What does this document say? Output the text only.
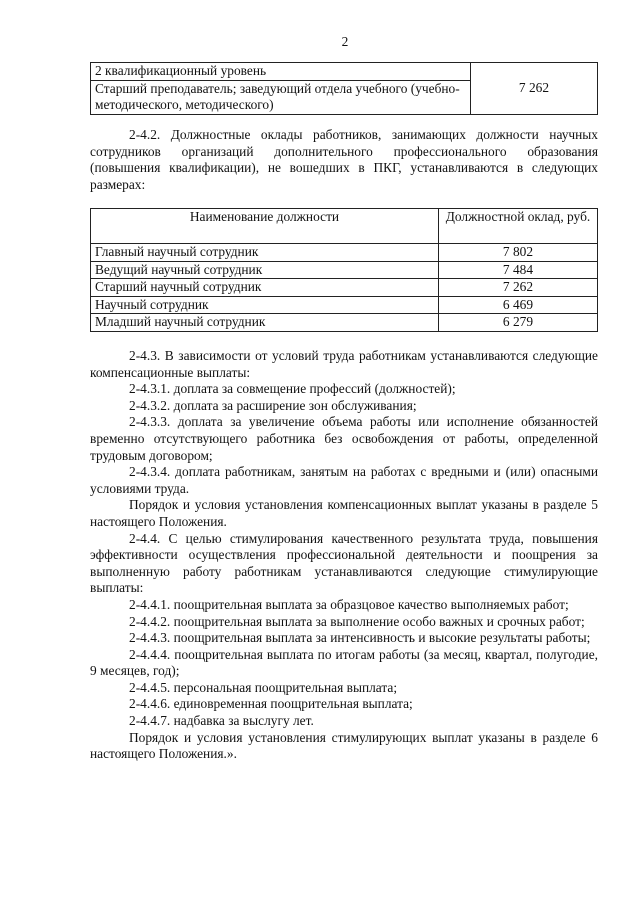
2
2 квалификационный уровень	7 262
Старший преподаватель; заведующий отдела учебного (учебно-методического, методического)

2-4.2. Должностные оклады работников, занимающих должности научных сотрудников организаций дополнительного профессионального образования (повышения квалификации), не вошедших в ПКГ, устанавливаются в следующих размерах:

Наименование должности	Должностной оклад, руб.
Главный научный сотрудник	7 802
Ведущий научный сотрудник	7 484
Старший научный сотрудник	7 262
Научный сотрудник	6 469
Младший научный сотрудник	6 279

2-4.3. В зависимости от условий труда работникам устанавливаются следующие компенсационные выплаты:

2-4.3.1. доплата за совмещение профессий (должностей);

2-4.3.2. доплата за расширение зон обслуживания;

2-4.3.3. доплата за увеличение объема работы или исполнение обязанностей временно отсутствующего работника без освобождения от работы, определенной трудовым договором;

2-4.3.4. доплата работникам, занятым на работах с вредными и (или) опасными условиями труда.

Порядок и условия установления компенсационных выплат указаны в разделе 5 настоящего Положения.

2-4.4. С целью стимулирования качественного результата труда, повышения эффективности осуществления профессиональной деятельности и поощрения за выполненную работу работникам устанавливаются следующие стимулирующие выплаты:

2-4.4.1. поощрительная выплата за образцовое качество выполняемых работ;

2-4.4.2. поощрительная выплата за выполнение особо важных и срочных работ;

2-4.4.3. поощрительная выплата за интенсивность и высокие результаты работы;

2-4.4.4. поощрительная выплата по итогам работы (за месяц, квартал, полугодие, 9 месяцев, год);

2-4.4.5. персональная поощрительная выплата;

2-4.4.6. единовременная поощрительная выплата;

2-4.4.7. надбавка за выслугу лет.

Порядок и условия установления стимулирующих выплат указаны в разделе 6 настоящего Положения.».
